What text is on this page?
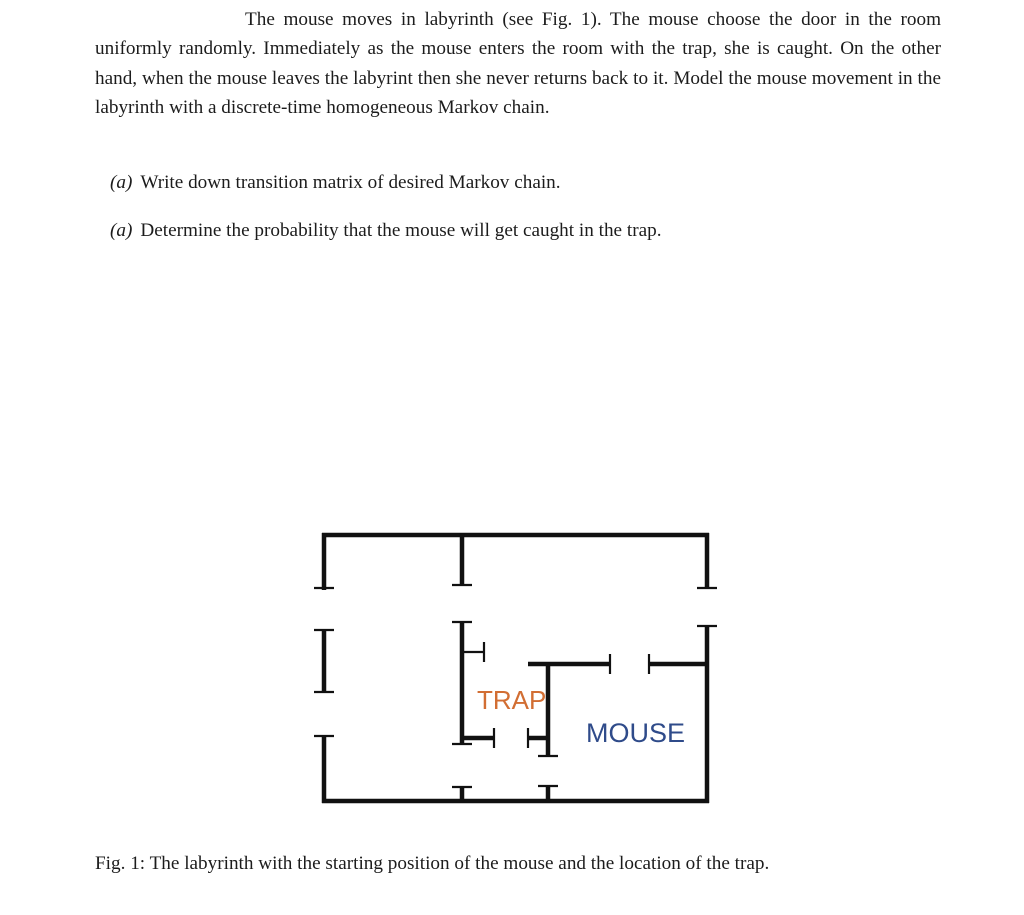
The mouse moves in labyrinth (see Fig. 1). The mouse choose the door in the room uniformly randomly. Immediately as the mouse enters the room with the trap, she is caught. On the other hand, when the mouse leaves the labyrint then she never returns back to it. Model the mouse movement in the labyrinth with a discrete-time homogeneous Markov chain.

(a) Write down transition matrix of desired Markov chain.
(a) Determine the probability that the mouse will get caught in the trap.
TRAP
MOUSE
Fig. 1: The labyrinth with the starting position of the mouse and the location of the trap.
